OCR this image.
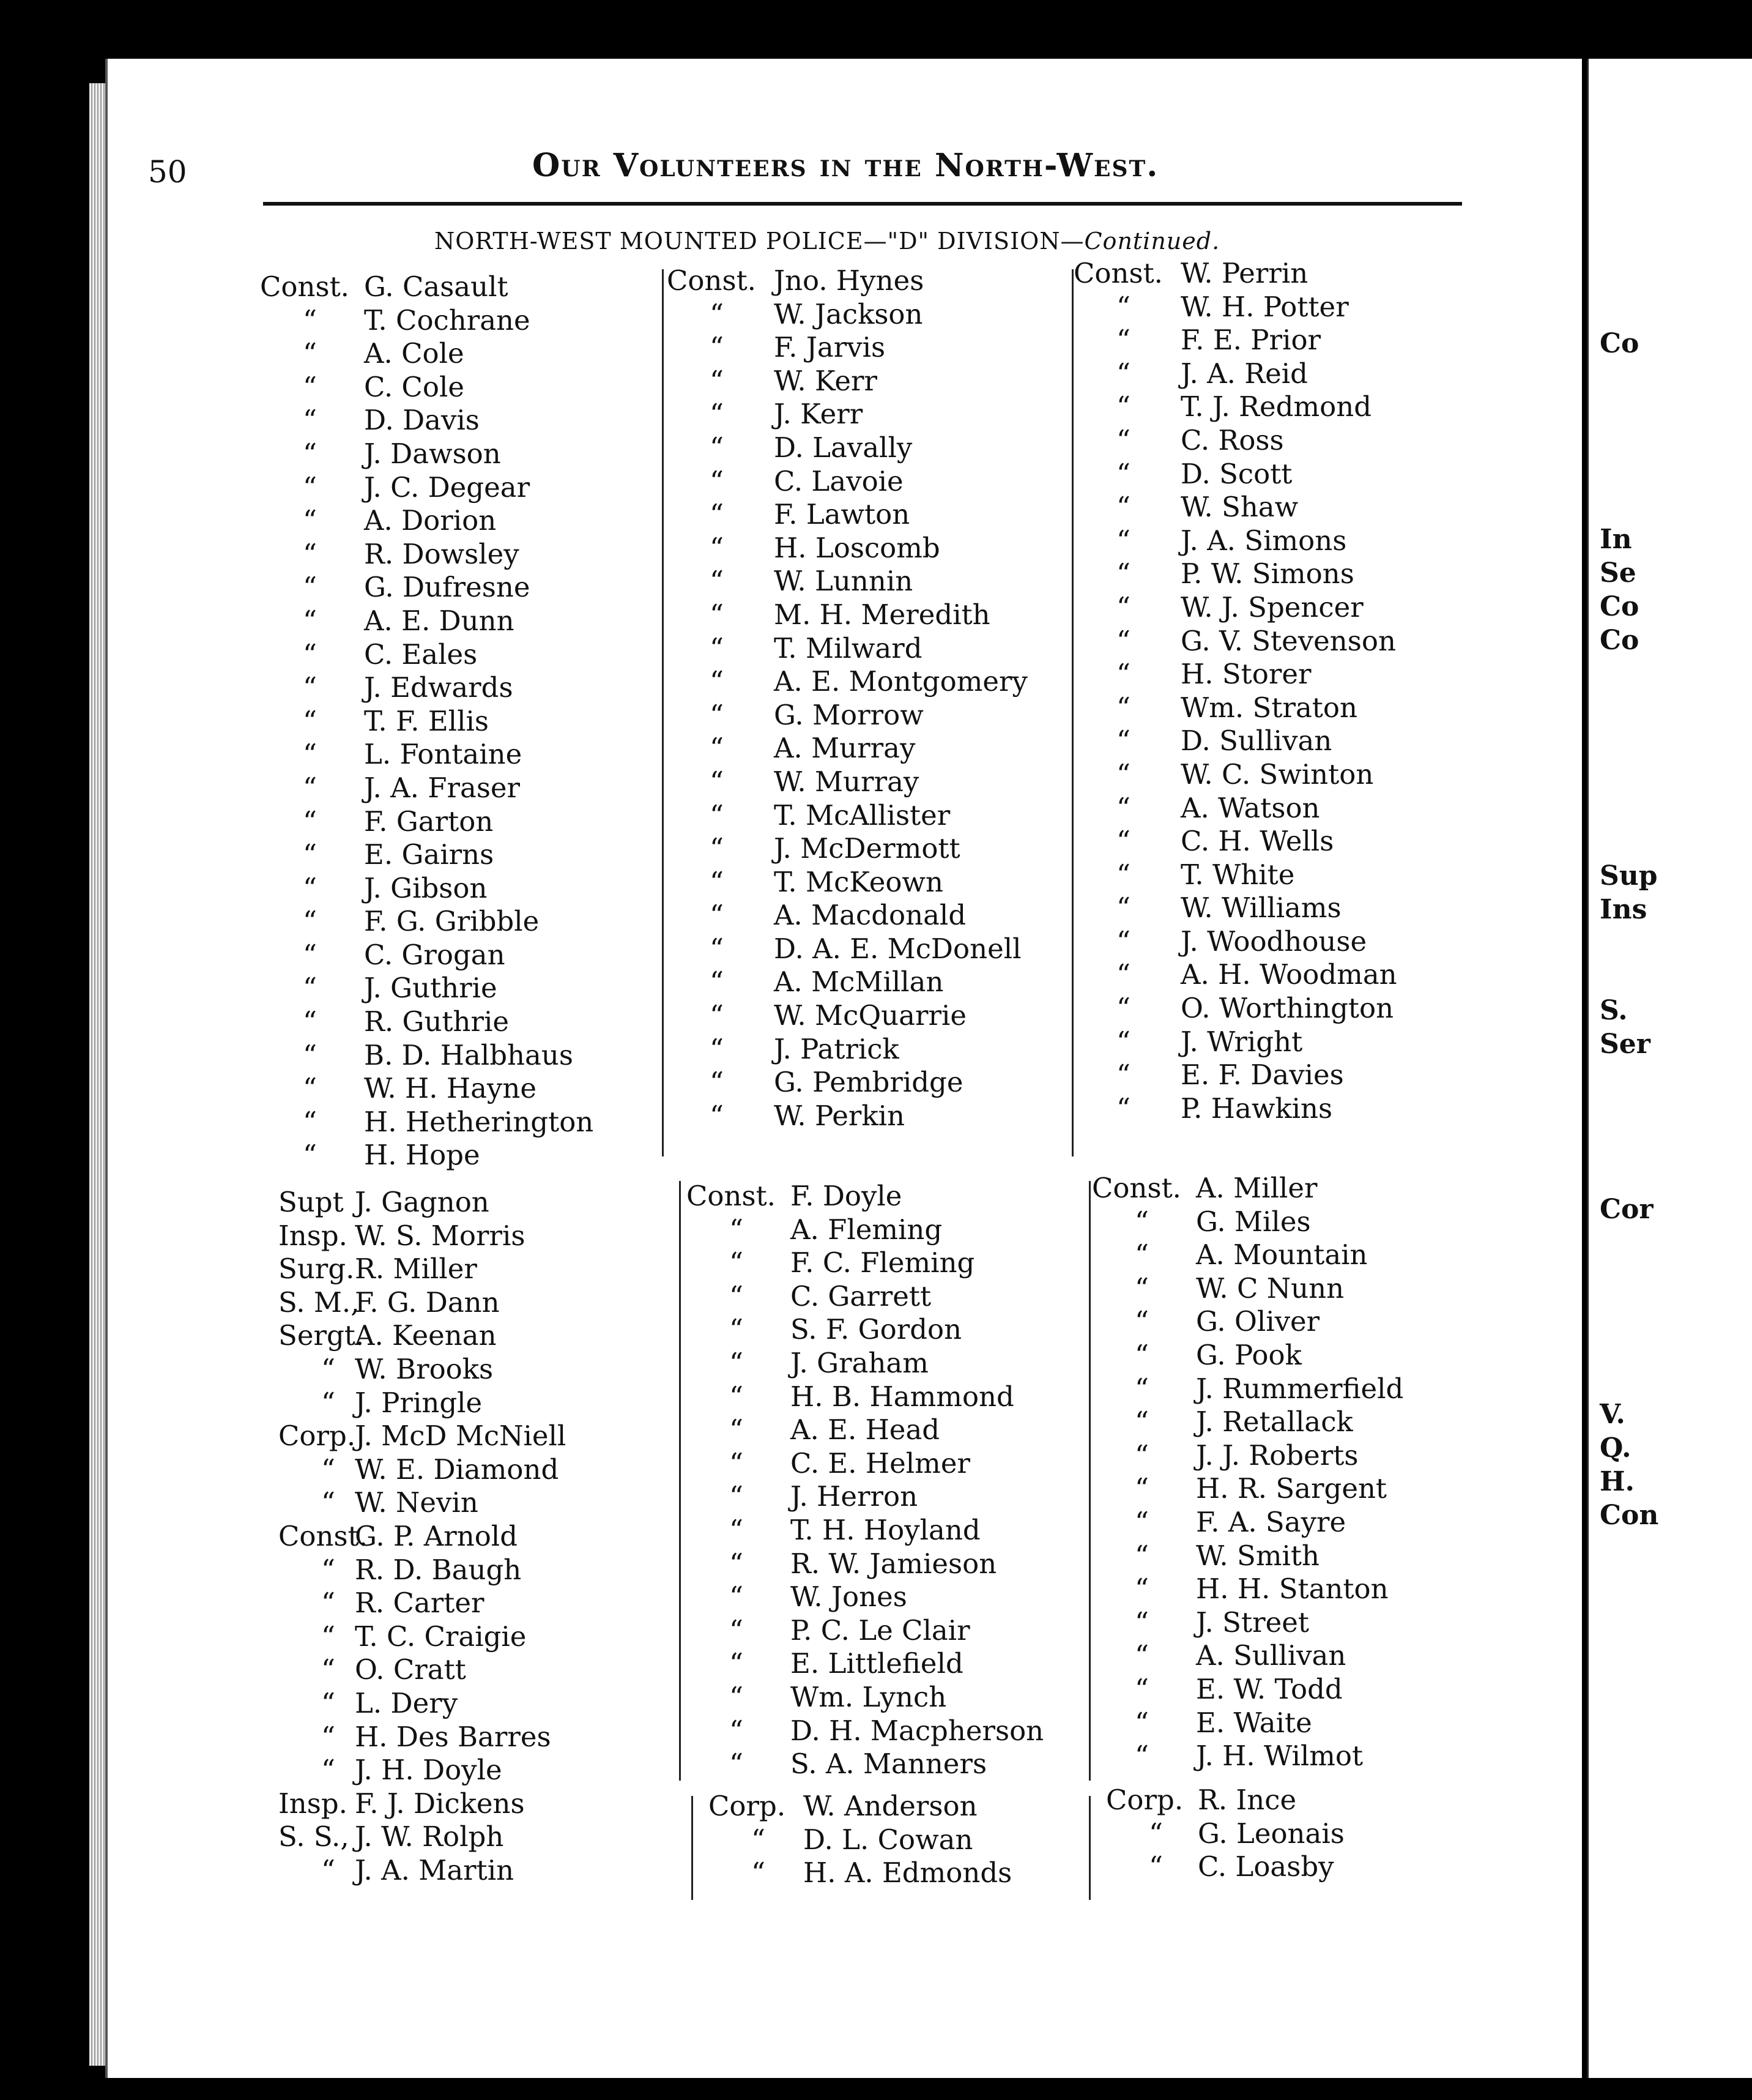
50	Our Volunteers in the North-West.
NORTH-WEST MOUNTED POLICE—"D" DIVISION—Continued.
Const. G. Casault
“ T. Cochrane
“ A. Cole
“ C. Cole
“ D. Davis
“ J. Dawson
“ J. C. Degear
“ A. Dorion
“ R. Dowsley
“ G. Dufresne
“ A. E. Dunn
“ C. Eales
“ J. Edwards
“ T. F. Ellis
“ L. Fontaine
“ J. A. Fraser
“ F. Garton
“ E. Gairns
“ J. Gibson
“ F. G. Gribble
“ C. Grogan
“ J. Guthrie
“ R. Guthrie
“ B. D. Halbhaus
“ W. H. Hayne
“ H. Hetherington
“ H. Hope
Supt J. Gagnon
Insp. W. S. Morris
Surg. R. Miller
S. M.,
F. G. Dann
Sergt.
A. Keenan
“ W. Brooks
“ J. Pringle
Corp.
J. McD McNiell
“ W. E. Diamond
“ W. Nevin
Const.
G. P. Arnold
“ R. D. Baugh
“ R. Carter
“ T. C. Craigie
“ O. Cratt
“ L. Dery
“ H. Des Barres
“ J. H. Doyle
Insp. F. J. Dickens
S. S., J. W. Rolph
“ J. A. Martin
Const. Jno. Hynes
“ W. Jackson
“ F. Jarvis
“ W. Kerr
“ J. Kerr
“ D. Lavally
“ C. Lavoie
“ F. Lawton
“ H. Loscomb
“ W. Lunnin
“ M. H. Meredith
“ T. Milward
“ A. E. Montgomery
“ G. Morrow
“ A. Murray
“ W. Murray
“ T. McAllister
“ J. McDermott
“ T. McKeown
“ A. Macdonald
“ D. A. E. McDonell
“ A. McMillan
“ W. McQuarrie
“ J. Patrick
“ G. Pembridge
“ W. Perkin
Const. F. Doyle
“ A. Fleming
“ F. C. Fleming
“ C. Garrett
“ S. F. Gordon
“ J. Graham
“ H. B. Hammond
“ A. E. Head
“ C. E. Helmer
“ J. Herron
“ T. H. Hoyland
“ R. W. Jamieson
“ W. Jones
“ P. C. Le Clair
“ E. Littlefield
“ Wm. Lynch
“ D. H. Macpherson
“ S. A. Manners
Corp. W. Anderson
“ D. L. Cowan
“ H. A. Edmonds
Const. W. Perrin
“ W. H. Potter
“ F. E. Prior
“ J. A. Reid
“ T. J. Redmond
“ C. Ross
“ D. Scott
“ W. Shaw
“ J. A. Simons
“ P. W. Simons
“ W. J. Spencer
“ G. V. Stevenson
“ H. Storer
“ Wm. Straton
“ D. Sullivan
“ W. C. Swinton
“ A. Watson
“ C. H. Wells
“ T. White
“ W. Williams
“ J. Woodhouse
“ A. H. Woodman
“ O. Worthington
“ J. Wright
“ E. F. Davies
“ P. Hawkins
Const. A. Miller
“ G. Miles
“ A. Mountain
“ W. C Nunn
“ G. Oliver
“ G. Pook
“ J. Rummerfield
“ J. Retallack
“ J. J. Roberts
“ H. R. Sargent
“ F. A. Sayre
“ W. Smith
“ H. H. Stanton
“ J. Street
“ A. Sullivan
“ E. W. Todd
“ E. Waite
“ J. H. Wilmot
Corp. R. Ince
“ G. Leonais
“ C. Loasby
Co
In
Se
Co
Co
Sup
Ins
S.
Ser
Cor
V.
Q.
H.
Con
